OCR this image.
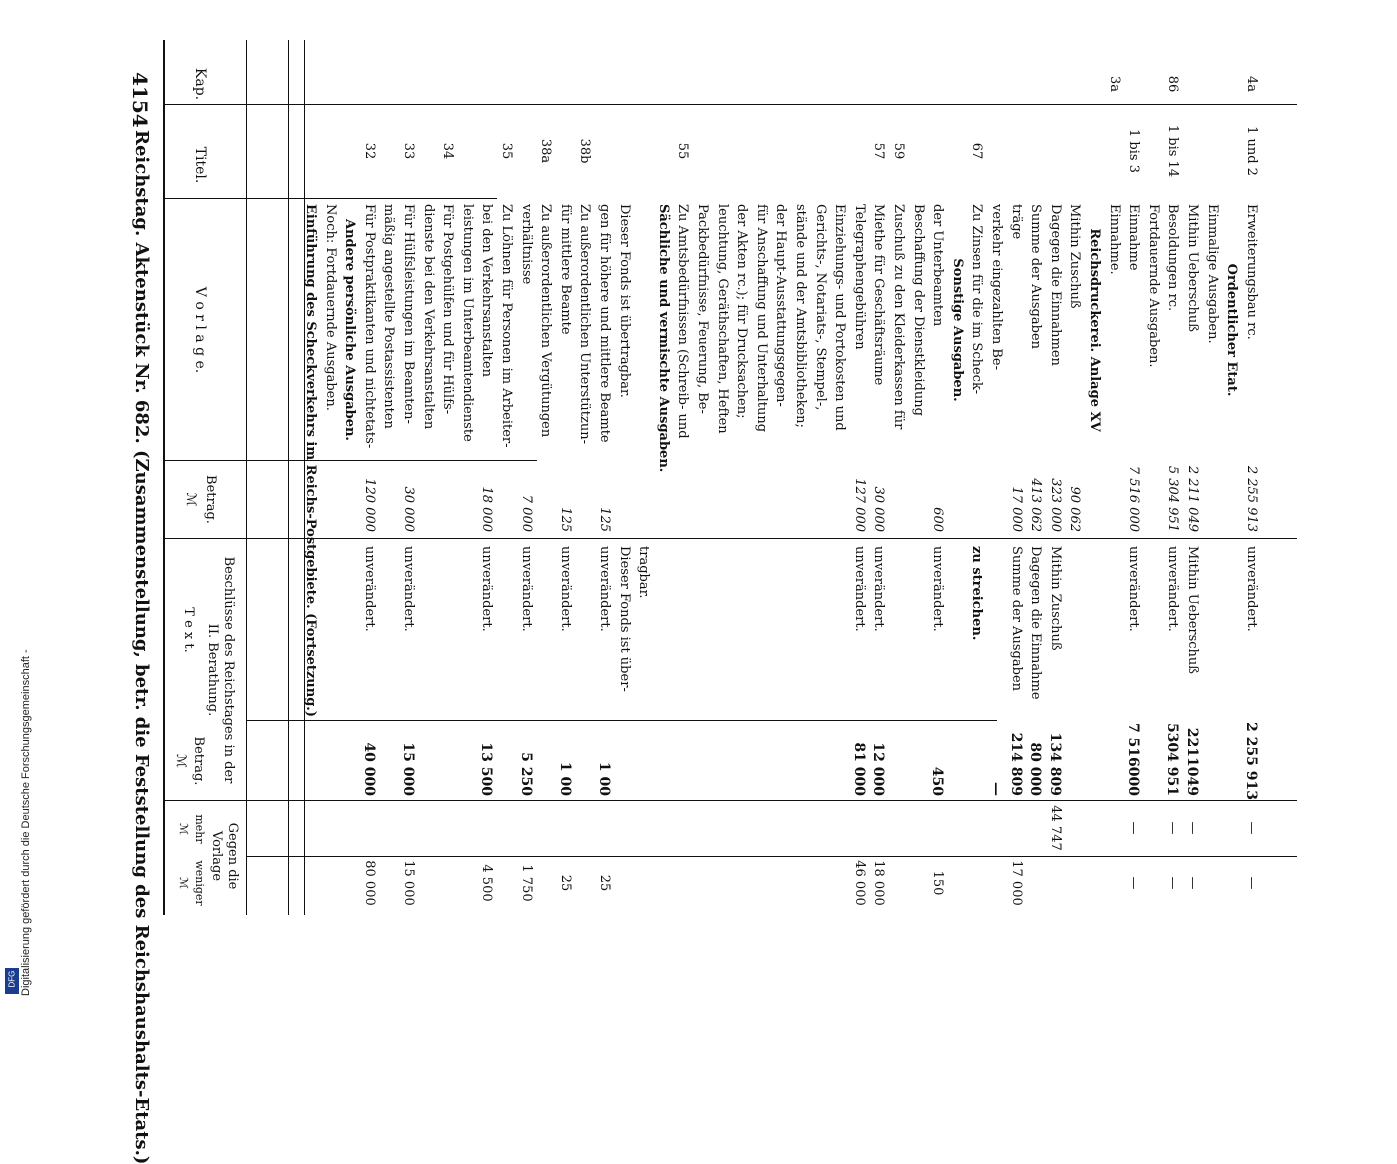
4154
Reichstag. Aktenstück Nr. 682. (Zusammenstellung, betr. die Feststellung des Reichshaushalts-Etats.)
Kap.
Titel.
V o r l a g e.
Betrag.
ℳ
Beschlüsse des Reichstages in der
II. Berathung.
T e x t.
Betrag.
ℳ
Gegen die
Vorlage
mehr
weniger
ℳ
ℳ
Einführung des Scheckverkehrs im Reichs-Postgebiete. (Fortsetzung.) Noch: Fortdauernde Ausgaben. Andere persönliche Ausgaben.
32
Für Postpraktikanten und nichtetats-
120 000
unverändert.
40 000
80 000
mäßig angestellte Postassistenten
33
Für Hülfsleistungen im Beamten-
30 000
unverändert.
15 000
15 000
dienste bei den Verkehrsanstalten
34
Für Postgehülfen und für Hülfs- leistungen im Unterbeamtendienste bei den Verkehrsanstalten
18 000
unverändert.
13 500
4 500
35
Zu Löhnen für Personen im Arbeiter- verhältnisse
7 000
unverändert.
5 250
1 750
38a
Zu außerordentlichen Vergütungen für mittlere Beamte
125
unverändert.
1 00
25
38b
Zu außerordentlichen Unterstützun- gen für höhere und mittlere Beamte
125
unverändert.
1 00
25
Dieser Fonds ist übertragbar.
Dieser Fonds ist über- tragbar.
Sächliche und vermischte Ausgaben.
55
Zu Amtsbedürfnissen (Schreib- und Packbedürfnisse, Feuerung, Be- leuchtung, Geräthschaften, Heften der Akten rc.); für Drucksachen; für Anschaffung und Unterhaltung der Haupt-Ausstattungsgegen- stände und der Amtsbibliotheken; Gerichts-, Notariats-, Stempel-, Einziehungs- und Portokosten und Telegraphengebühren
127 000
unverändert.
81 000
46 000
57
Miethe für Geschäftsräume
30 000
unverändert.
12 000
18 000
59
Zuschuß zu den Kleiderkassen für Beschaffung der Dienstkleidung der Unterbeamten
600
unverändert.
450
150
Sonstige Ausgaben.
67
Zu Zinsen für die im Scheck-
zu streichen.
verkehr eingezahlten Be-
—
träge
17 000
Summe der Ausgaben
214 809
17 000
Summe der Ausgaben
413 062
Dagegen die Einnahme
80 000
Dagegen die Einnahmen
323 000
Mithin Zuschuß
134 809
44 747
Mithin Zuschuß
90 062
Reichsdruckerei. Anlage XV
3a
Einnahme.
1 bis 3
Einnahme
7 516 000
unverändert.
7 516000
—
—
Fortdauernde Ausgaben.
86
1 bis 14
Besoldungen rc.
5 304 951
unverändert.
5304 951
—
—
Mithin Ueberschuß
2 211 049
Mithin Ueberschuß
2211049
—
—
Einmalige Ausgaben. Ordentlicher Etat.
4a
1 und 2
Erweiterungsbau rc.
2 255 913
unverändert.
2 255 913
—
—
Digitalisierung gefördert durch die Deutsche Forschungsgemeinschaft -
DFG
